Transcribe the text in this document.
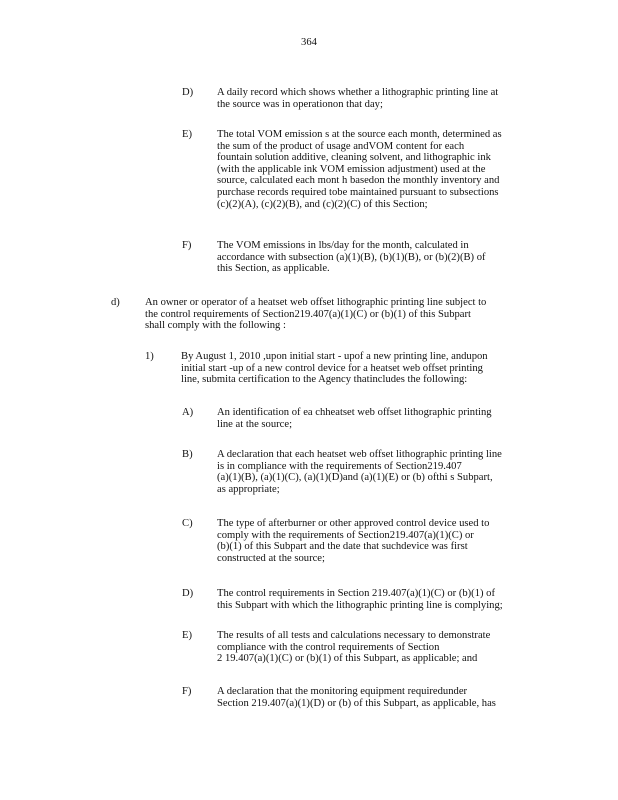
364
D) A daily record which shows whether a lithographic printing line at
the source was in operationon that day;
E) The total VOM emission s at the source each month, determined as
the sum of the product of usage andVOM content for each
fountain solution additive, cleaning solvent, and lithographic ink
(with the applicable ink VOM emission adjustment) used at the
source, calculated each mont h basedon the monthly inventory and
purchase records required tobe maintained pursuant to subsections
(c)(2)(A), (c)(2)(B), and (c)(2)(C) of this Section;
F) The VOM emissions in lbs/day for the month, calculated in
accordance with subsection (a)(1)(B), (b)(1)(B), or (b)(2)(B) of
this Section, as applicable.
d) An owner or operator of a heatset web offset lithographic printing line subject to
the control requirements of Section219.407(a)(1)(C) or (b)(1) of this Subpart
shall comply with the following :
1)	By August 1, 2010 ,upon initial start - upof a new printing line, andupon
initial start -up of a new control device for a heatset web offset printing
line, submita certification to the Agency thatincludes the following:
A) An identification of ea chheatset web offset lithographic printing
line at the source;
B) A declaration that each heatset web offset lithographic printing line
is in compliance with the requirements of Section219.407
(a)(1)(B), (a)(1)(C), (a)(1)(D)and (a)(1)(E) or (b) ofthi s Subpart,
as appropriate;
C) The type of afterburner or other approved control device used to
comply with the requirements of Section219.407(a)(1)(C) or
(b)(1) of this Subpart and the date that suchdevice was first
constructed at the source;
D) The control requirements in Section 219.407(a)(1)(C) or (b)(1) of
this Subpart with which the lithographic printing line is complying;
E) The results of all tests and calculations necessary to demonstrate
compliance with the control requirements of Section
2 19.407(a)(1)(C) or (b)(1) of this Subpart, as applicable; and
F) A declaration that the monitoring equipment requiredunder
Section 219.407(a)(1)(D) or (b) of this Subpart, as applicable, has
